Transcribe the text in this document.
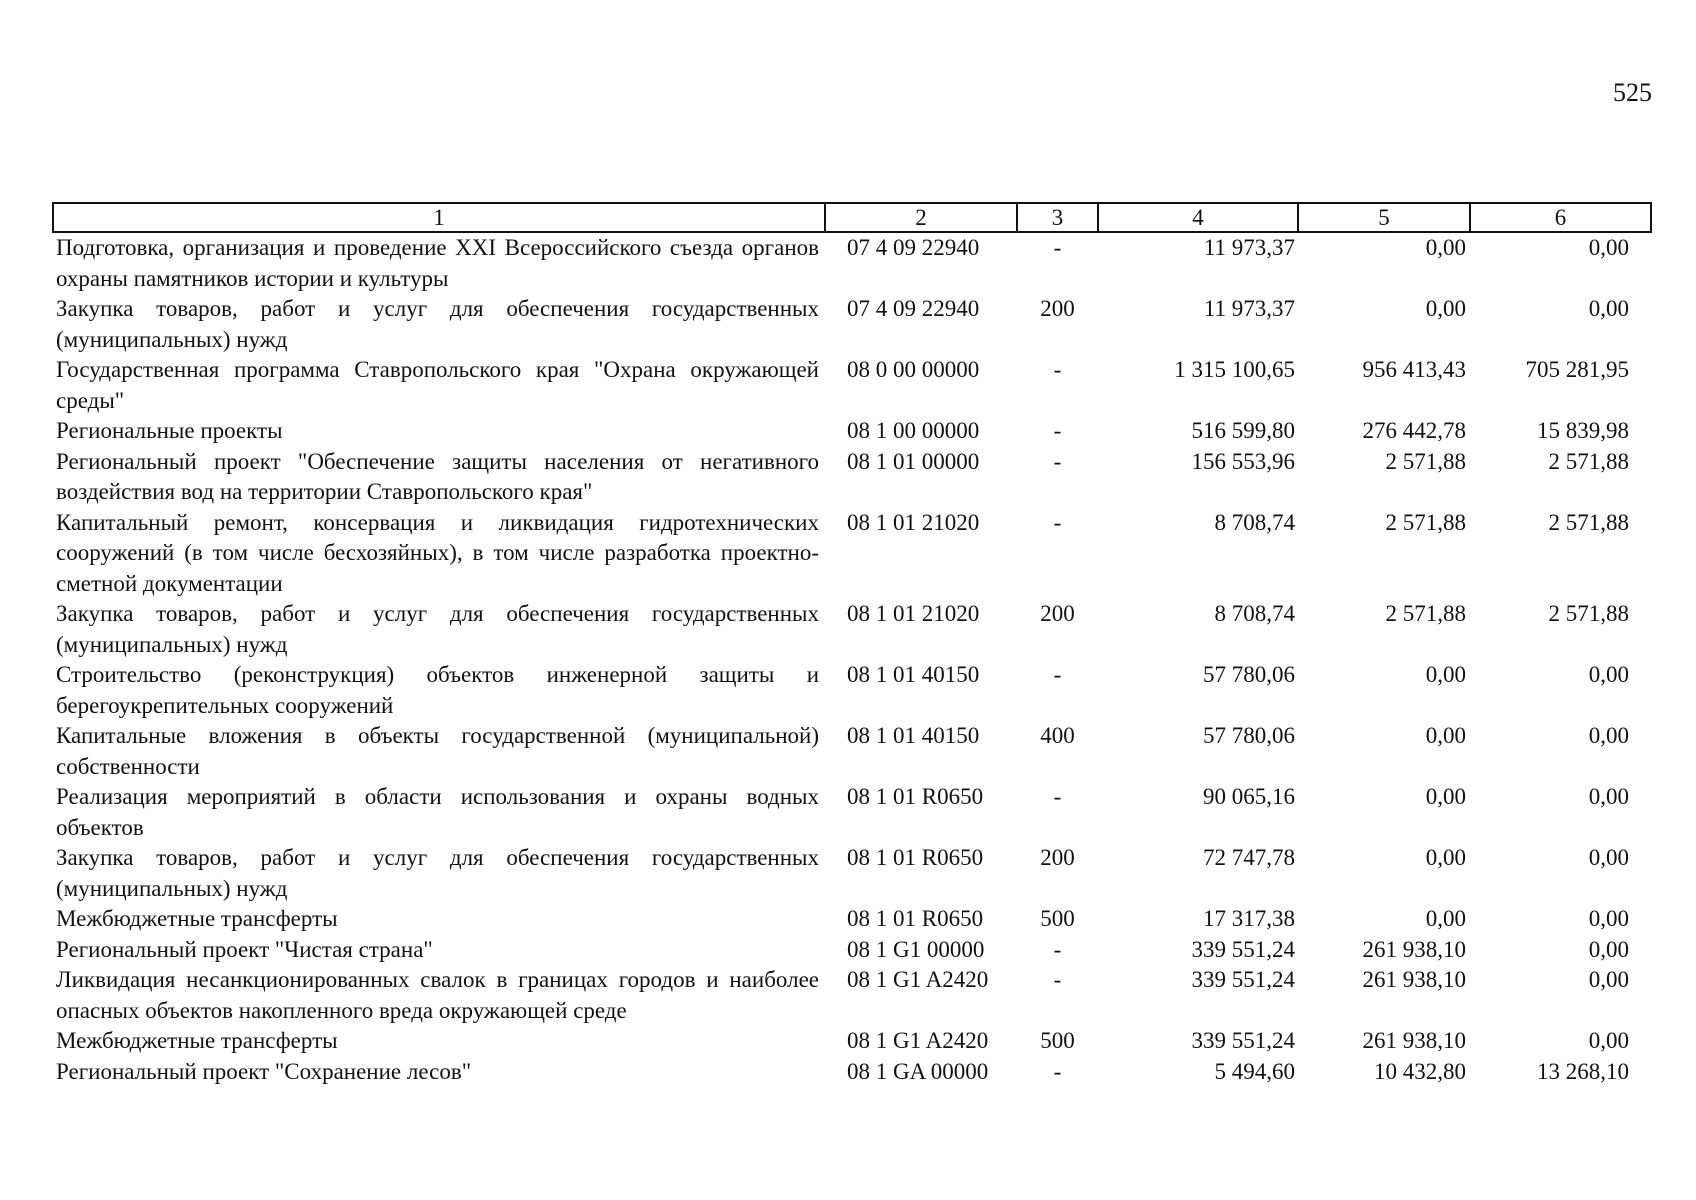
525
1	2	3	4	5	6
Подготовка, организация и проведение XXI Всероссийского съезда органов охраны памятников истории и культуры	07 4 09 22940	-	11 973,37	0,00	0,00
Закупка товаров, работ и услуг для обеспечения государственных (муниципальных) нужд	07 4 09 22940	200	11 973,37	0,00	0,00
Государственная программа Ставропольского края "Охрана окружающей среды"	08 0 00 00000	-	1 315 100,65	956 413,43	705 281,95
Региональные проекты	08 1 00 00000	-	516 599,80	276 442,78	15 839,98
Региональный проект "Обеспечение защиты населения от негативного воздействия вод на территории Ставропольского края"	08 1 01 00000	-	156 553,96	2 571,88	2 571,88
Капитальный ремонт, консервация и ликвидация гидротехнических сооружений (в том числе бесхозяйных), в том числе разработка проектно-сметной документации	08 1 01 21020	-	8 708,74	2 571,88	2 571,88
Закупка товаров, работ и услуг для обеспечения государственных (муниципальных) нужд	08 1 01 21020	200	8 708,74	2 571,88	2 571,88
Строительство (реконструкция) объектов инженерной защиты и берегоукрепительных сооружений	08 1 01 40150	-	57 780,06	0,00	0,00
Капитальные вложения в объекты государственной (муниципальной) собственности	08 1 01 40150	400	57 780,06	0,00	0,00
Реализация мероприятий в области использования и охраны водных объектов	08 1 01 R0650	-	90 065,16	0,00	0,00
Закупка товаров, работ и услуг для обеспечения государственных (муниципальных) нужд	08 1 01 R0650	200	72 747,78	0,00	0,00
Межбюджетные трансферты	08 1 01 R0650	500	17 317,38	0,00	0,00
Региональный проект "Чистая страна"	08 1 G1 00000	-	339 551,24	261 938,10	0,00
Ликвидация несанкционированных свалок в границах городов и наиболее опасных объектов накопленного вреда окружающей среде	08 1 G1 A2420	-	339 551,24	261 938,10	0,00
Межбюджетные трансферты	08 1 G1 A2420	500	339 551,24	261 938,10	0,00
Региональный проект "Сохранение лесов"	08 1 GA 00000	-	5 494,60	10 432,80	13 268,10
